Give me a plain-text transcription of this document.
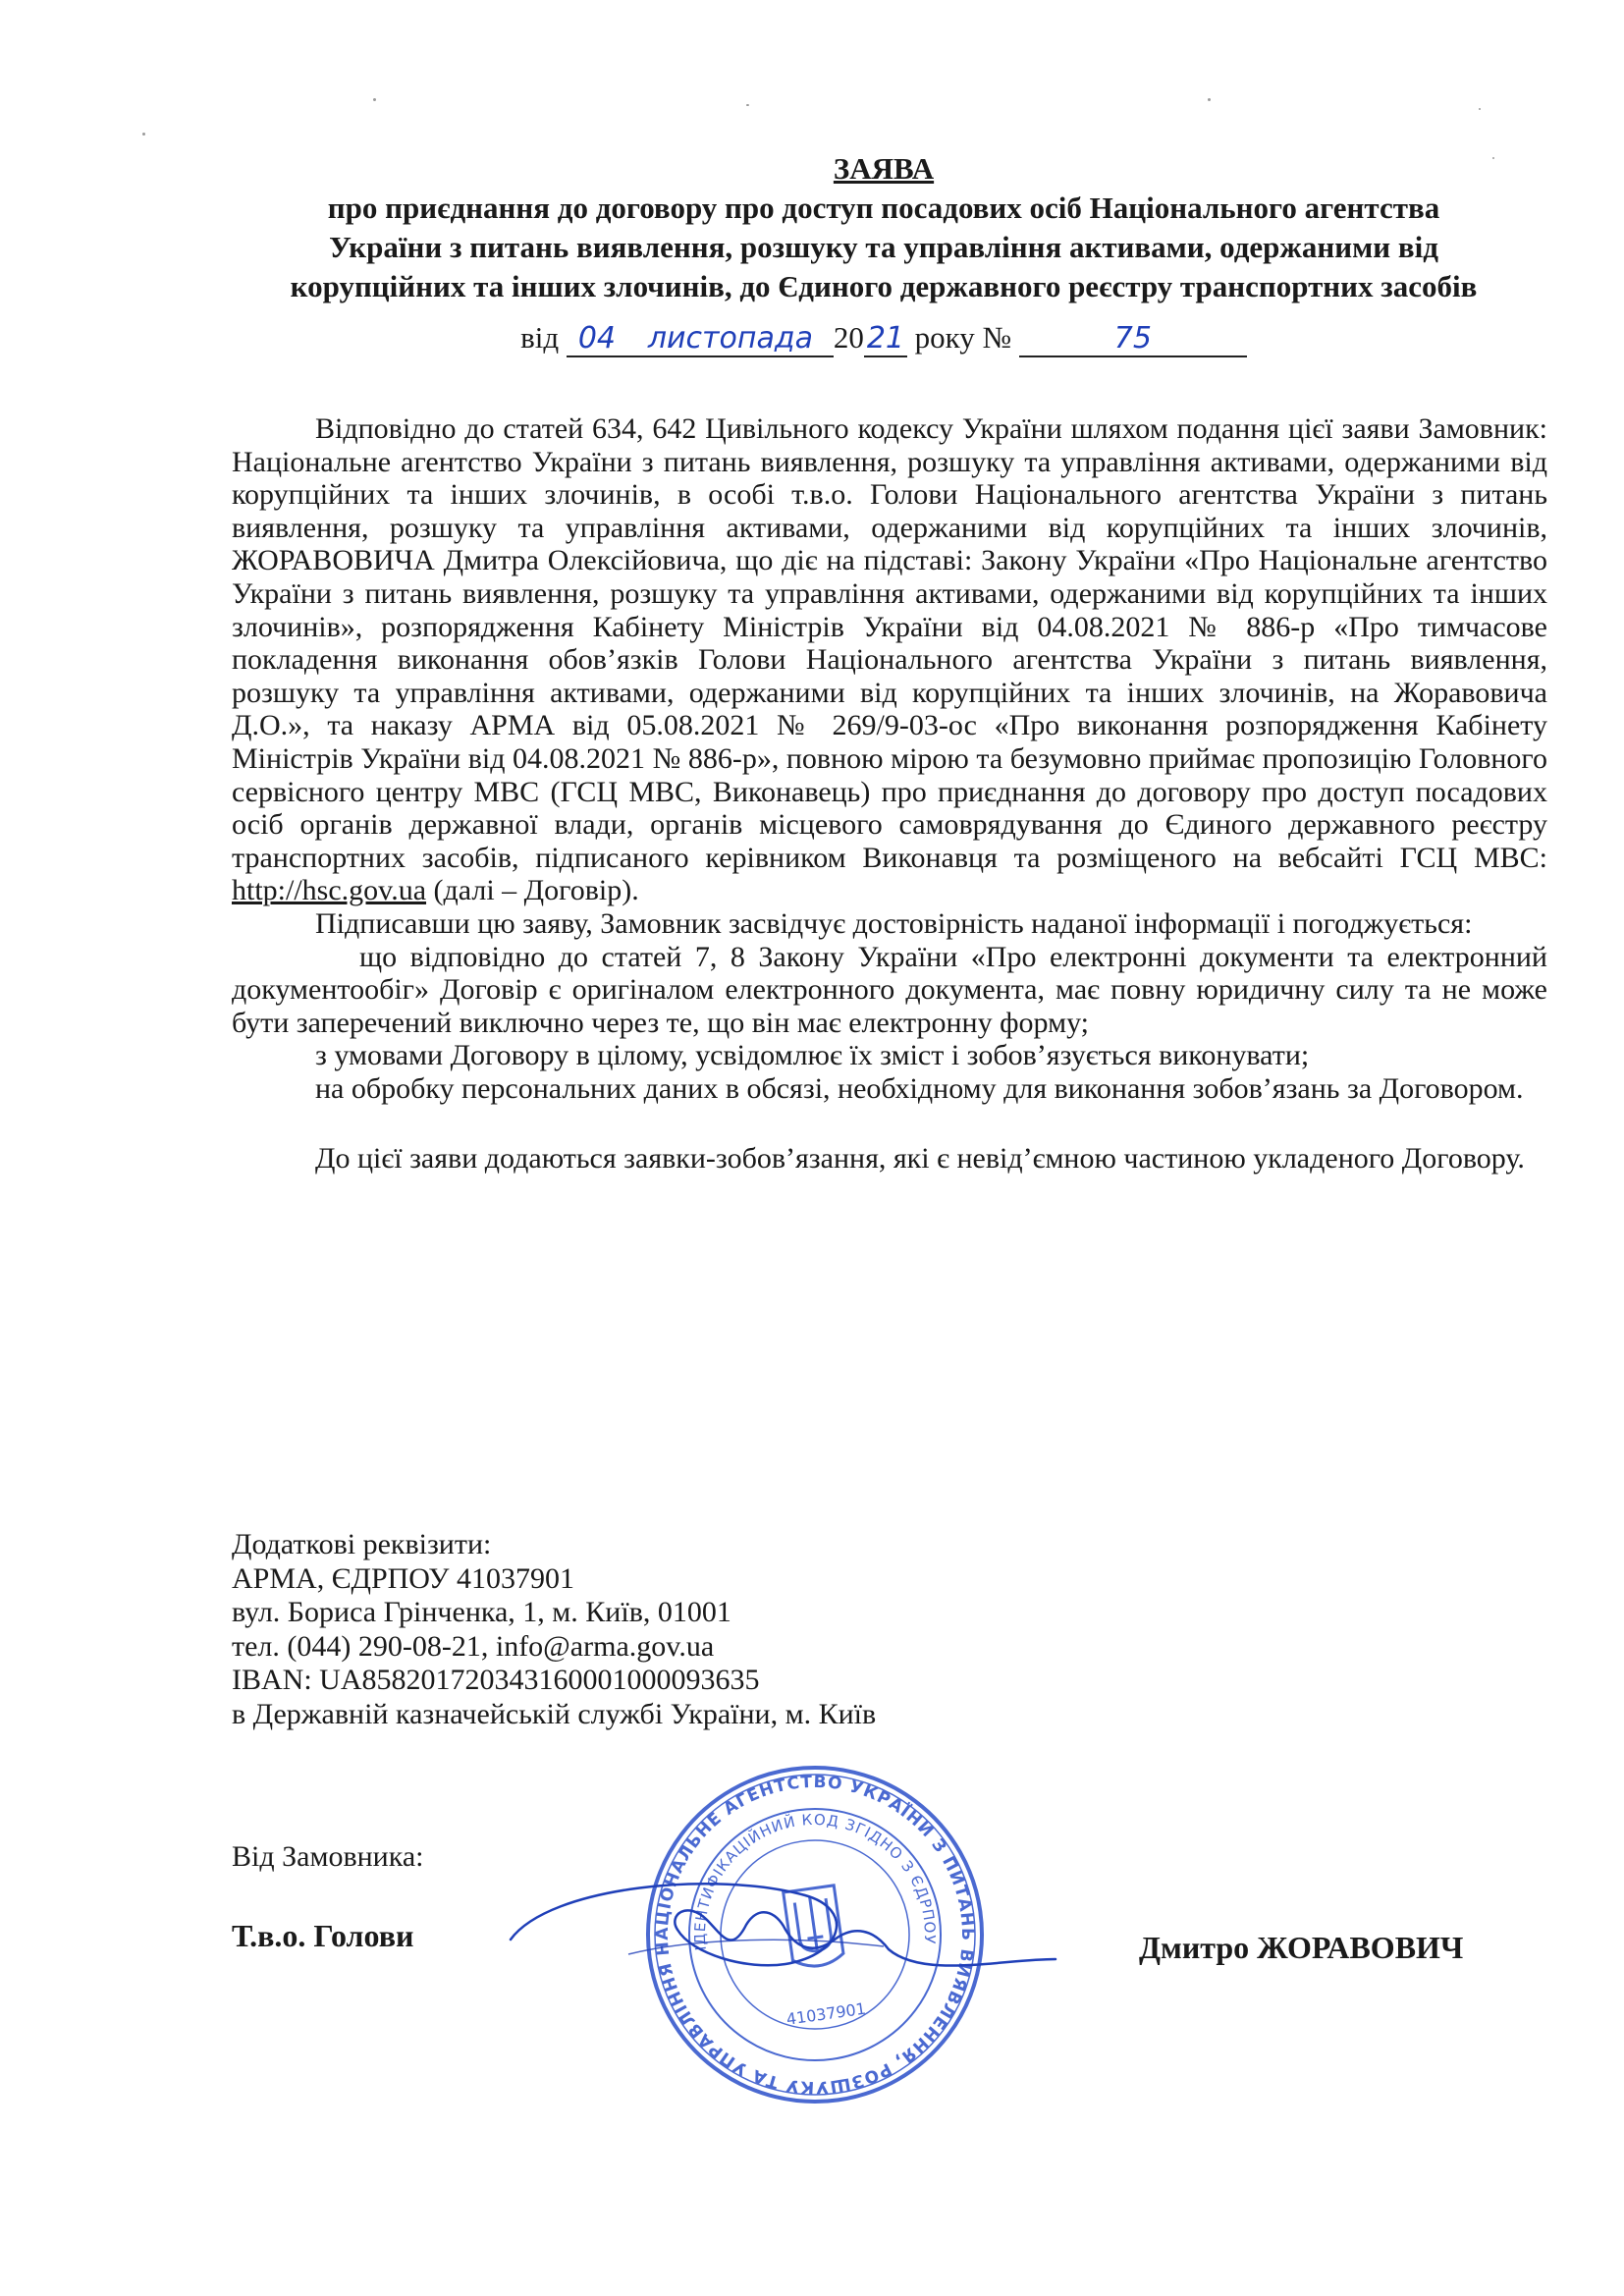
ЗАЯВА
про приєднання до договору про доступ посадових осіб Національного агентства
України з питань виявлення, розшуку та управління активами, одержаними від
корупційних та інших злочинів, до Єдиного державного реєстру транспортних засобів
від 04 листопада 2021 року №	75

Відповідно до статей 634, 642 Цивільного кодексу України шляхом подання цієї заяви Замовник: Національне агентство України з питань виявлення, розшуку та управління активами, одержаними від корупційних та інших злочинів, в особі т.в.о. Голови Національного агентства України з питань виявлення, розшуку та управління активами, одержаними від корупційних та інших злочинів, ЖОРАВОВИЧА Дмитра Олексійовича, що діє на підставі: Закону України «Про Національне агентство України з питань виявлення, розшуку та управління активами, одержаними від корупційних та інших злочинів», розпорядження Кабінету Міністрів України від 04.08.2021 № 886-р «Про тимчасове покладення виконання обов’язків Голови Національного агентства України з питань виявлення, розшуку та управління активами, одержаними від корупційних та інших злочинів, на Жоравовича Д.О.», та наказу АРМА від 05.08.2021 № 269/9-03-ос «Про виконання розпорядження Кабінету Міністрів України від 04.08.2021 № 886-р», повною мірою та безумовно приймає пропозицію Головного сервісного центру МВС (ГСЦ МВС, Виконавець) про приєднання до договору про доступ посадових осіб органів державної влади, органів місцевого самоврядування до Єдиного державного реєстру транспортних засобів, підписаного керівником Виконавця та розміщеного на вебсайті ГСЦ МВС: http://hsc.gov.ua (далі – Договір).

Підписавши цю заяву, Замовник засвідчує достовірність наданої інформації і погоджується:

що відповідно до статей 7, 8 Закону України «Про електронні документи та електронний документообіг» Договір є оригіналом електронного документа, має повну юридичну силу та не може бути заперечений виключно через те, що він має електронну форму;

з умовами Договору в цілому, усвідомлює їх зміст і зобов’язується виконувати;

на обробку персональних даних в обсязі, необхідному для виконання зобов’язань за Договором.

До цієї заяви додаються заявки-зобов’язання, які є невід’ємною частиною укладеного Договору.

Додаткові реквізити:
АРМА, ЄДРПОУ 41037901
вул. Бориса Грінченка, 1, м. Київ, 01001
тел. (044) 290-08-21, info@arma.gov.ua
IBAN: UA858201720343160001000093635
в Державній казначейській службі України, м. Київ
Від Замовника:
Т.в.о. Голови	Дмитро ЖОРАВОВИЧ
НАЦІОНАЛЬНЕ АГЕНТСТВО УКРАЇНИ З ПИТАНЬ ВИЯВЛЕННЯ, РОЗШУКУ ТА УПРАВЛІННЯ
ІДЕНТИФІКАЦІЙНИЙ КОД ЗГІДНО З ЄДРПОУ
41037901
